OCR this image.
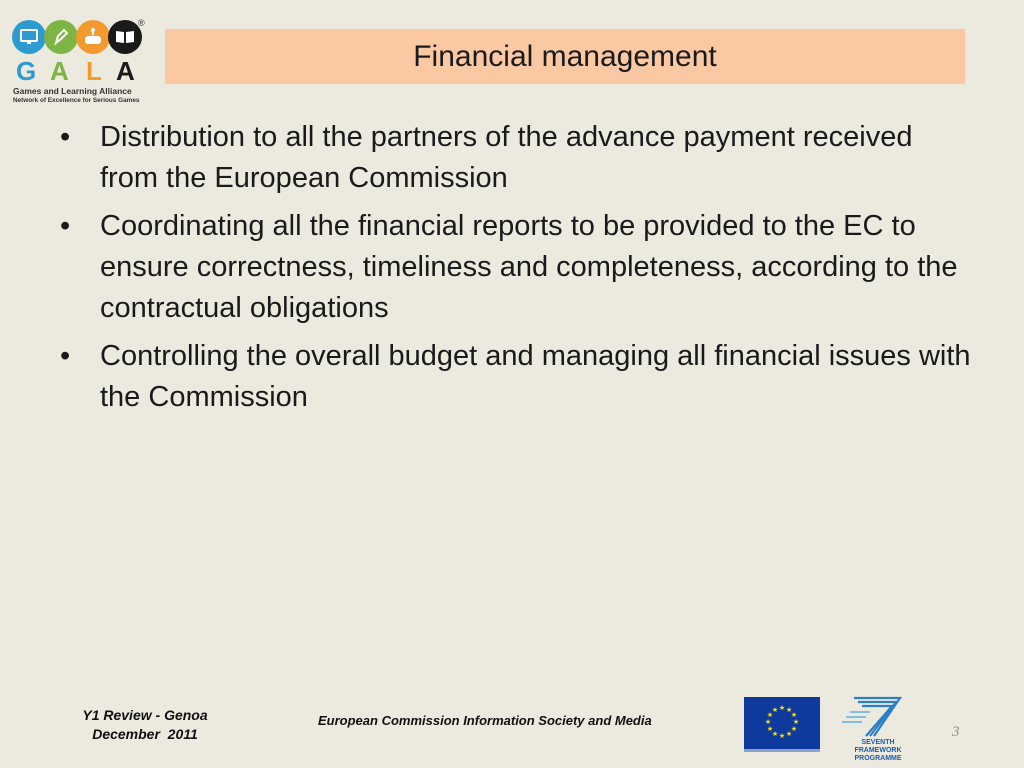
®
G A L A
Games and Learning Alliance
Network of Excellence for Serious Games
Financial management
• Distribution to all the partners of the advance payment received from the European Commission
• Coordinating all the financial reports to be provided to the EC to ensure correctness, timeliness and completeness, according to the contractual obligations
• Controlling the overall budget and managing all financial issues with the Commission
Y1 Review - Genoa
December  2011
European Commission Information Society and Media
★ ★
★
★
★
★
★
★
★
★
★
★
SEVENTH FRAMEWORK
PROGRAMME
3
